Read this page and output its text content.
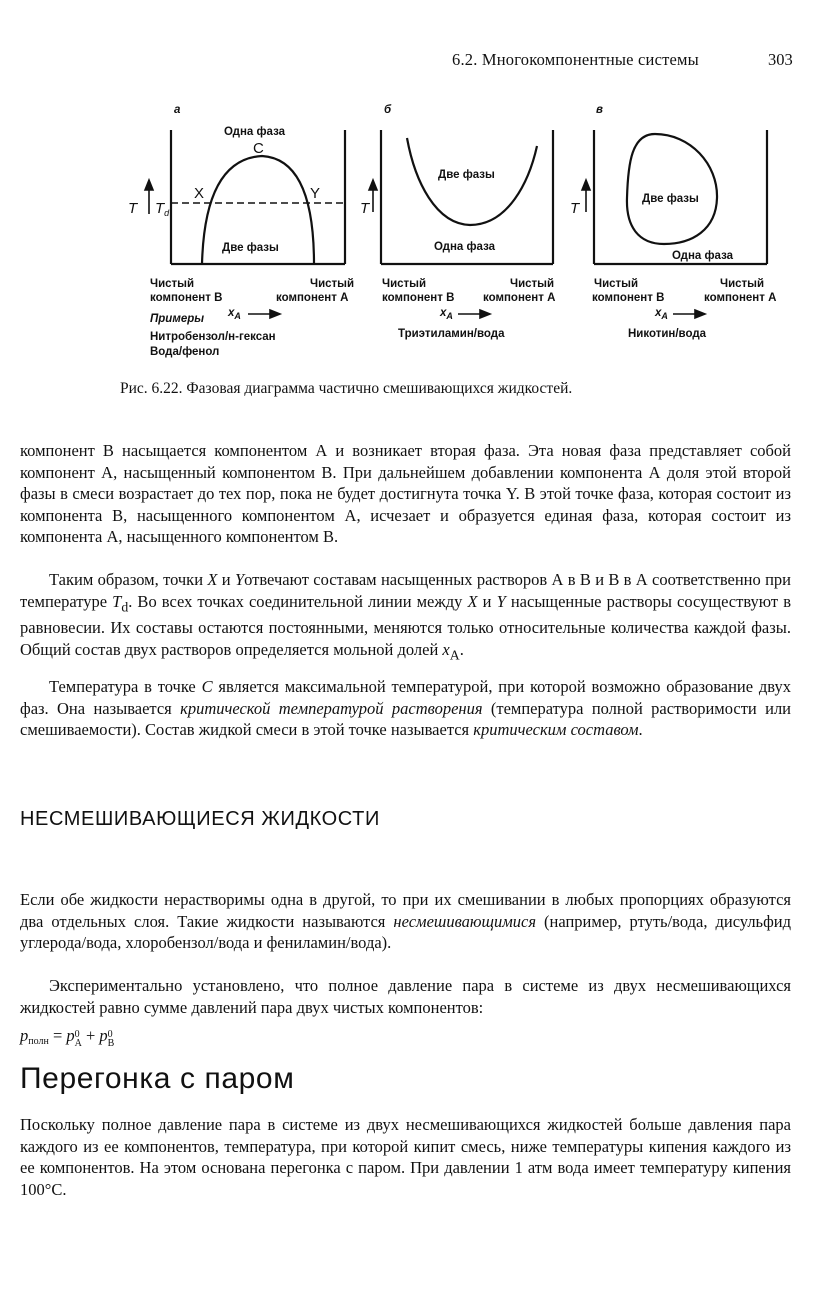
6.2. Многокомпонентные системы	303
а	б	в
Одна фаза
C
X	Y
T $T_d$
Две фазы
Чистый
компонент В
Чистый
компонент А
$x_A$
Примеры
Нитробензол/н-гексан
Вода/фенол
Две фазы
T
Одна фаза
Чистый
компонент В
Чистый
компонент А
$x_A$
Триэтиламин/вода
Две фазы
T
Одна фаза
Чистый
компонент В
Чистый
компонент А
$x_A$
Никотин/вода
Рис. 6.22. Фазовая диаграмма частично смешивающихся жидкостей.

компонент В насыщается компонентом А и возникает вторая фаза. Эта новая фаза представляет собой компонент А, насыщенный компонентом В. При дальнейшем добавлении компонента А доля этой второй фазы в смеси возрастает до тех пор, пока не будет достигнута точка Y. В этой точке фаза, которая состоит из компонента В, насыщенного компонентом А, исчезает и образуется единая фаза, которая состоит из компонента А, насыщенного компонентом В.

Таким образом, точки X и Yотвечают составам насыщенных растворов А в В и В в А соответственно при температуре $T_d$. Во всех точках соединительной линии между X и Y насыщенные растворы сосуществуют в равновесии. Их составы остаются постоянными, меняются только относительные количества каждой фазы. Общий состав двух растворов определяется мольной долей $x_A$.

Температура в точке C является максимальной температурой, при которой возможно образование двух фаз. Она называется критической температурой растворения (температура полной растворимости или смешиваемости). Состав жидкой смеси в этой точке называется критическим составом.

НЕСМЕШИВАЮЩИЕСЯ ЖИДКОСТИ

Если обе жидкости нерастворимы одна в другой, то при их смешивании в любых пропорциях образуются два отдельных слоя. Такие жидкости называются несмешивающимися (например, ртуть/вода, дисульфид углерода/вода, хлоробензол/вода и фениламин/вода).

Экспериментально установлено, что полное давление пара в системе из двух несмешивающихся жидкостей равно сумме давлений пара двух чистых компонентов:

$p_{полн} = p0$
A + p0
B
Перегонка с паром

Поскольку полное давление пара в системе из двух несмешивающихся жидкостей больше давления пара каждого из ее компонентов, температура, при которой кипит смесь, ниже температуры кипения каждого из ее компонентов. На этом основана перегонка с паром. При давлении 1 атм вода имеет температуру кипения 100°С.
